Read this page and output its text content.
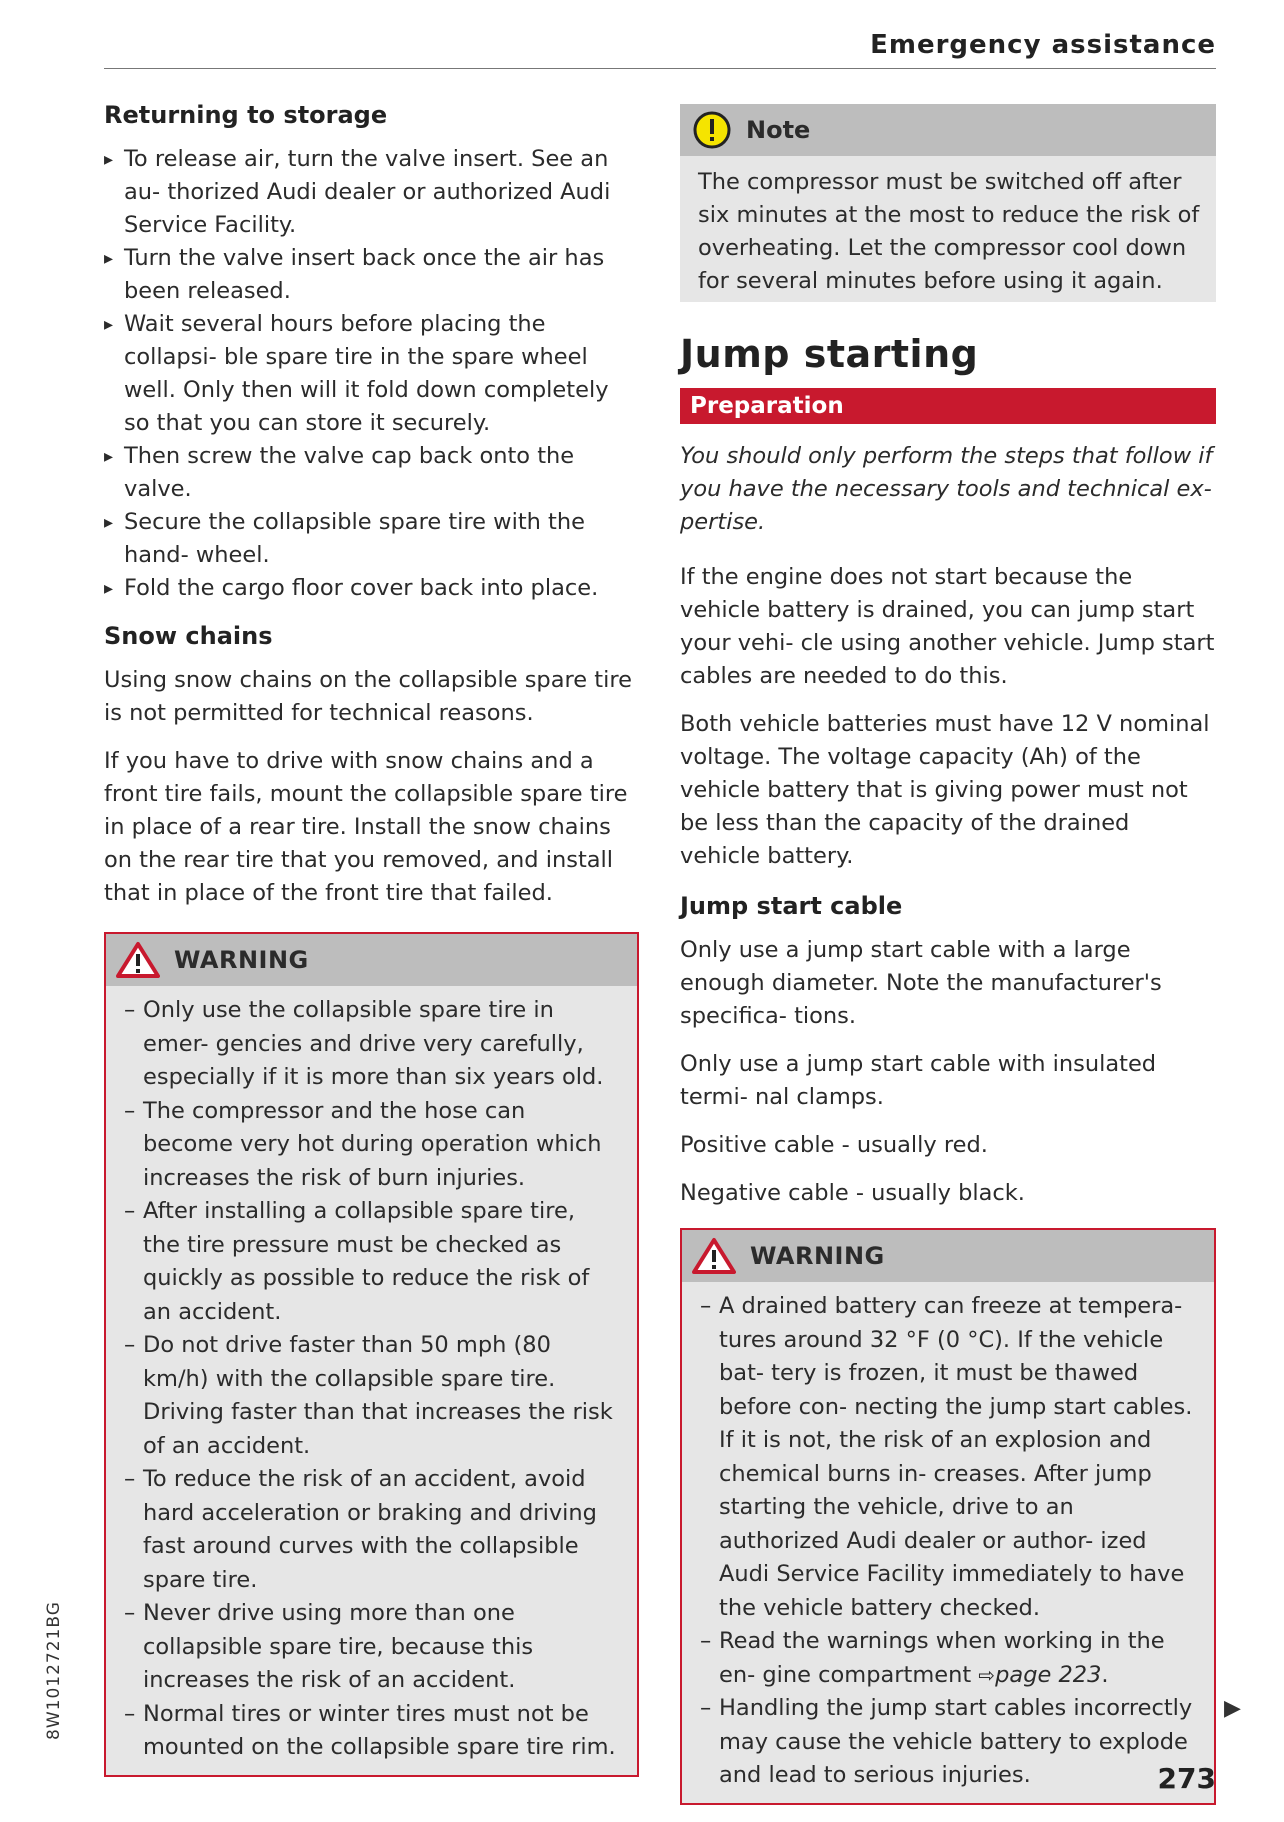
Emergency assistance
Returning to storage
▸ To release air, turn the valve insert. See an au- thorized Audi dealer or authorized Audi Service Facility.
▸ Turn the valve insert back once the air has been released.
▸ Wait several hours before placing the collapsi- ble spare tire in the spare wheel well. Only then will it fold down completely so that you can store it securely.
▸ Then screw the valve cap back onto the valve.
▸ Secure the collapsible spare tire with the hand- wheel.
▸ Fold the cargo floor cover back into place.
Snow chains

Using snow chains on the collapsible spare tire is not permitted for technical reasons.

If you have to drive with snow chains and a front tire fails, mount the collapsible spare tire in place of a rear tire. Install the snow chains on the rear tire that you removed, and install that in place of the front tire that failed.

WARNING
– Only use the collapsible spare tire in emer- gencies and drive very carefully, especially if it is more than six years old.
– The compressor and the hose can become very hot during operation which increases the risk of burn injuries.
– After installing a collapsible spare tire, the tire pressure must be checked as quickly as possible to reduce the risk of an accident.
– Do not drive faster than 50 mph (80 km/h) with the collapsible spare tire. Driving faster than that increases the risk of an accident.
– To reduce the risk of an accident, avoid hard acceleration or braking and driving fast around curves with the collapsible spare tire.
– Never drive using more than one collapsible spare tire, because this increases the risk of an accident.
– Normal tires or winter tires must not be mounted on the collapsible spare tire rim.
Note
The compressor must be switched off after six minutes at the most to reduce the risk of overheating. Let the compressor cool down for several minutes before using it again.
Jump starting
Preparation

You should only perform the steps that follow if you have the necessary tools and technical ex- pertise.

If the engine does not start because the vehicle battery is drained, you can jump start your vehi- cle using another vehicle. Jump start cables are needed to do this.

Both vehicle batteries must have 12 V nominal voltage. The voltage capacity (Ah) of the vehicle battery that is giving power must not be less than the capacity of the drained vehicle battery.

Jump start cable

Only use a jump start cable with a large enough diameter. Note the manufacturer's specifica- tions.

Only use a jump start cable with insulated termi- nal clamps.

Positive cable - usually red.

Negative cable - usually black.

WARNING
– A drained battery can freeze at tempera- tures around 32 °F (0 °C). If the vehicle bat- tery is frozen, it must be thawed before con- necting the jump start cables. If it is not, the risk of an explosion and chemical burns in- creases. After jump starting the vehicle, drive to an authorized Audi dealer or author- ized Audi Service Facility immediately to have the vehicle battery checked.
– Read the warnings when working in the en- gine compartment ⇨page 223.
– Handling the jump start cables incorrectly may cause the vehicle battery to explode and lead to serious injuries.
8W1012721BG	▶
273
